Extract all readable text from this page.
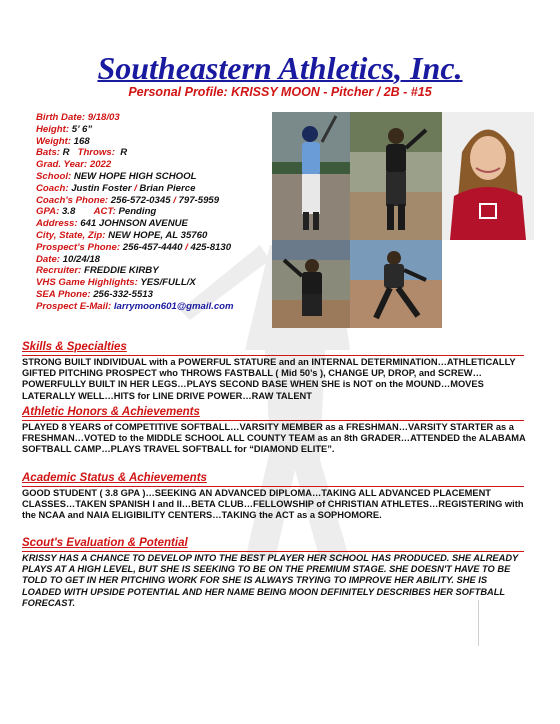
Southeastern Athletics, Inc.
Personal Profile: KRISSY MOON - Pitcher / 2B - #15
Birth Date: 9/18/03
Height: 5’ 6”
Weight: 168
Bats: R   Throws:  R
Grad. Year: 2022
School: NEW HOPE HIGH SCHOOL
Coach: Justin Foster / Brian Pierce
Coach's Phone: 256-572-0345 / 797-5959
GPA: 3.8       ACT: Pending
Address: 641 JOHNSON AVENUE
City, State, Zip: NEW HOPE, AL 35760
Prospect’s Phone: 256-457-4440 / 425-8130
Date: 10/24/18
Recruiter: FREDDIE KIRBY
VHS Game Highlights: YES/FULL/X
SEA Phone: 256-332-5513
Prospect E-Mail: larrymoon601@gmail.com
Skills & Specialties
STRONG BUILT INDIVIDUAL with a POWERFUL STATURE and an INTERNAL DETERMINATION…ATHLETICALLY GIFTED PITCHING PROSPECT who THROWS FASTBALL ( Mid 50’s ), CHANGE UP, DROP, and SCREW…POWERFULLY BUILT IN HER LEGS…PLAYS SECOND BASE WHEN SHE is NOT on the MOUND…MOVES LATERALLY WELL…HITS for LINE DRIVE POWER…RAW TALENT
Athletic Honors & Achievements
PLAYED 8 YEARS of COMPETITIVE SOFTBALL…VARSITY MEMBER as a FRESHMAN…VARSITY STARTER as a FRESHMAN…VOTED to the MIDDLE SCHOOL ALL COUNTY TEAM as an 8th GRADER…ATTENDED the ALABAMA SOFTBALL CAMP…PLAYS TRAVEL SOFTBALL for “DIAMOND ELITE”.
Academic Status & Achievements
GOOD STUDENT ( 3.8 GPA )…SEEKING AN ADVANCED DIPLOMA…TAKING ALL ADVANCED PLACEMENT CLASSES…TAKEN SPANISH I and II…BETA CLUB…FELLOWSHIP of CHRISTIAN ATHLETES…REGISTERING with the NCAA and NAIA ELIGIBILITY CENTERS…TAKING the ACT as a SOPHOMORE.
Scout's Evaluation & Potential
KRISSY HAS A CHANCE TO DEVELOP INTO THE BEST PLAYER HER SCHOOL HAS PRODUCED. SHE ALREADY PLAYS AT A HIGH LEVEL, BUT SHE IS SEEKING TO BE ON THE PREMIUM STAGE. SHE DOESN'T HAVE TO BE TOLD TO GET IN HER PITCHING WORK FOR SHE IS ALWAYS TRYING TO IMPROVE HER ABILITY. SHE IS LOADED WITH UPSIDE POTENTIAL AND HER NAME BEING MOON DEFINITELY DESCRIBES HER SOFTBALL FORECAST.
